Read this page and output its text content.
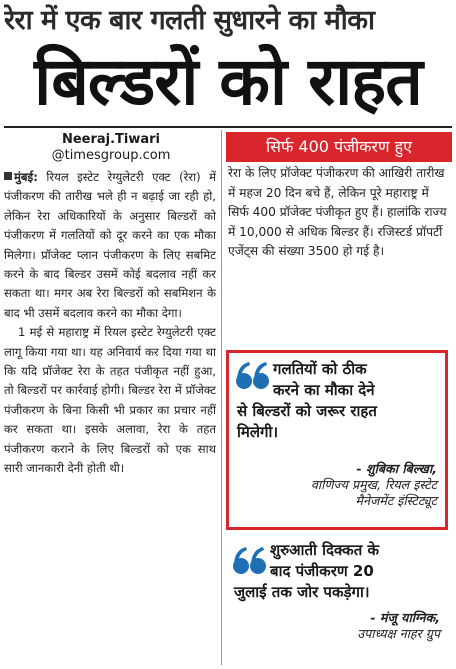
रेरा में एक बार गलती सुधारने का मौका
बिल्डरों को राहत
Neeraj.Tiwari
@timesgroup.com

मुंबई: रियल इस्टेट रेग्युलेटरी एक्ट (रेरा) में पंजीकरण की तारीख भले ही न बढ़ाई जा रही हो, लेकिन रेरा अधिकारियों के अनुसार बिल्डरों को पंजीकरण में गलतियों को दूर करने का एक मौका मिलेगा। प्रॉजेक्ट प्लान पंजीकरण के लिए सबमिट करने के बाद बिल्डर उसमें कोई बदलाव नहीं कर सकता था। मगर अब रेरा बिल्डरों को सबमिशन के बाद भी उसमें बदलाव करने का मौका देगा।

1 मई से महाराष्ट्र में रियल इस्टेट रेग्युलेटरी एक्ट लागू किया गया था। यह अनिवार्य कर दिया गया था कि यदि प्रॉजेक्ट रेरा के तहत पंजीकृत नहीं हुआ, तो बिल्डरों पर कार्रवाई होगी। बिल्डर रेरा में प्रॉजेक्ट पंजीकरण के बिना किसी भी प्रकार का प्रचार नहीं कर सकता था। इसके अलावा, रेरा के तहत पंजीकरण कराने के लिए बिल्डरों को एक साथ सारी जानकारी देनी होती थी।

सिर्फ 400 पंजीकरण हुए
रेरा के लिए प्रॉजेक्ट पंजीकरण की आखिरी तारीख में महज 20 दिन बचे हैं, लेकिन पूरे महाराष्ट्र में सिर्फ 400 प्रॉजेक्ट पंजीकृत हुए हैं। हालांकि राज्य में 10,000 से अधिक बिल्डर हैं। रजिस्टर्ड प्रॉपर्टी एजेंट्स की संख्या 3500 हो गई है।
गलतियों को ठीक
करने का मौका देने
से बिल्डरों को जरूर राहत
मिलेगी।
- शुबिका बिल्खा,
वाणिज्य प्रमुख, रियल इस्टेट
मैनेजमेंट इंस्टिट्यूट
शुरुआती दिक्कत के
बाद पंजीकरण 20
जुलाई तक जोर पकड़ेगा।
- मंजू याग्निक,
उपाध्यक्ष नाहर ग्रुप
